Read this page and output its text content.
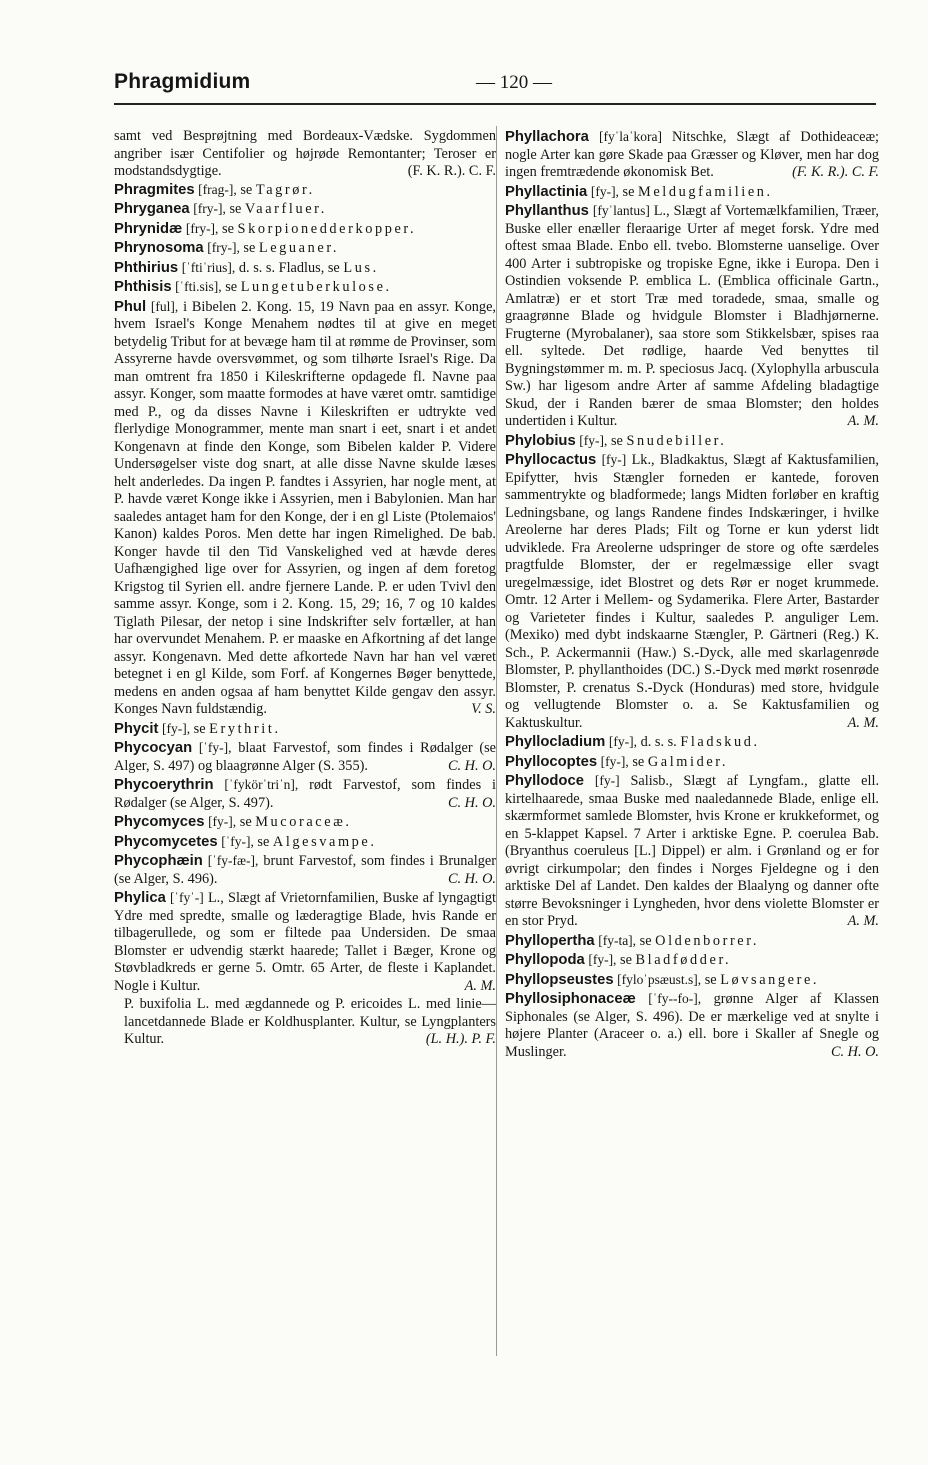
Phragmidium	— 120 —

samt ved Besprøjtning med Bordeaux-Vædske. Sygdommen angriber især Centifolier og højrøde Remontanter; Teroser er modstandsdygtige.	(F. K. R.). C. F.

Phragmites [frag-], se Tagrør.

Phryganea [fry-], se Vaarfluer.

Phrynidæ [fry-], se Skorpionedderkopper.

Phrynosoma [fry-], se Leguaner.

Phthirius [ˈftiˈrius], d. s. s. Fladlus, se Lus.

Phthisis [ˈfti.sis], se Lungetuberkulose.

Phul [ful], i Bibelen 2. Kong. 15, 19 Navn paa en assyr. Konge, hvem Israel's Konge Menahem nødtes til at give en meget betydelig Tribut for at bevæge ham til at rømme de Provinser, som Assyrerne havde oversvømmet, og som tilhørte Israel's Rige. Da man omtrent fra 1850 i Kileskrifterne opdagede fl. Navne paa assyr. Konger, som maatte formodes at have været omtr. samtidige med P., og da disses Navne i Kileskriften er udtrykte ved flerlydige Monogrammer, mente man snart i eet, snart i et andet Kongenavn at finde den Konge, som Bibelen kalder P. Videre Undersøgelser viste dog snart, at alle disse Navne skulde læses helt anderledes. Da ingen P. fandtes i Assyrien, har nogle ment, at P. havde været Konge ikke i Assyrien, men i Babylonien. Man har saaledes antaget ham for den Konge, der i en gl Liste (Ptolemaios' Kanon) kaldes Poros. Men dette har ingen Rimelighed. De bab. Konger havde til den Tid Vanskelighed ved at hævde deres Uafhængighed lige over for Assyrien, og ingen af dem foretog Krigstog til Syrien ell. andre fjernere Lande. P. er uden Tvivl den samme assyr. Konge, som i 2. Kong. 15, 29; 16, 7 og 10 kaldes Tiglath Pilesar, der netop i sine Indskrifter selv fortæller, at han har overvundet Menahem. P. er maaske en Afkortning af det lange assyr. Kongenavn. Med dette afkortede Navn har han vel været betegnet i en gl Kilde, som Forf. af Kongernes Bøger benyttede, medens en anden ogsaa af ham benyttet Kilde gengav den assyr. Konges Navn fuldstændig.	V. S.

Phycit [fy-], se Erythrit.

Phycocyan [ˈfy-], blaat Farvestof, som findes i Rødalger (se Alger, S. 497) og blaagrønne Alger (S. 355).	C. H. O.

Phycoerythrin [ˈfykörˈtriˈn], rødt Farvestof, som findes i Rødalger (se Alger, S. 497).	C. H. O.

Phycomyces [fy-], se Mucoraceæ.

Phycomycetes [ˈfy-], se Algesvampe.

Phycophæin [ˈfy-fæ-], brunt Farvestof, som findes i Brunalger (se Alger, S. 496).	C. H. O.

Phylica [ˈfyˈ-] L., Slægt af Vrietornfamilien, Buske af lyngagtigt Ydre med spredte, smalle og læderagtige Blade, hvis Rande er tilbagerullede, og som er filtede paa Undersiden. De smaa Blomster er udvendig stærkt haarede; Tallet i Bæger, Krone og Støvbladkreds er gerne 5. Omtr. 65 Arter, de fleste i Kaplandet. Nogle i Kultur.	A. M.

P. buxifolia L. med ægdannede og P. ericoides L. med linie—lancetdannede Blade er Koldhusplanter. Kultur, se Lyngplanters Kultur.	(L. H.). P. F.

Phyllachora [fyˈlaˈkora] Nitschke, Slægt af Dothideaceæ; nogle Arter kan gøre Skade paa Græsser og Kløver, men har dog ingen fremtrædende økonomisk Bet.	(F. K. R.). C. F.

Phyllactinia [fy-], se Meldugfamilien.

Phyllanthus [fyˈlantus] L., Slægt af Vortemælkfamilien, Træer, Buske eller enæller fleraarige Urter af meget forsk. Ydre med oftest smaa Blade. Enbo ell. tvebo. Blomsterne uanselige. Over 400 Arter i subtropiske og tropiske Egne, ikke i Europa. Den i Ostindien voksende P. emblica L. (Emblica officinale Gartn., Amlatræ) er et stort Træ med toradede, smaa, smalle og graagrønne Blade og hvidgule Blomster i Bladhjørnerne. Frugterne (Myrobalaner), saa store som Stikkelsbær, spises raa ell. syltede. Det rødlige, haarde Ved benyttes til Bygningstømmer m. m. P. speciosus Jacq. (Xylophylla arbuscula Sw.) har ligesom andre Arter af samme Afdeling bladagtige Skud, der i Randen bærer de smaa Blomster; den holdes undertiden i Kultur.	A. M.

Phylobius [fy-], se Snudebiller.

Phyllocactus [fy-] Lk., Bladkaktus, Slægt af Kaktusfamilien, Epifytter, hvis Stængler forneden er kantede, foroven sammentrykte og bladformede; langs Midten forløber en kraftig Ledningsbane, og langs Randene findes Indskæringer, i hvilke Areolerne har deres Plads; Filt og Torne er kun yderst lidt udviklede. Fra Areolerne udspringer de store og ofte særdeles pragtfulde Blomster, der er regelmæssige eller svagt uregelmæssige, idet Blostret og dets Rør er noget krummede. Omtr. 12 Arter i Mellem- og Sydamerika. Flere Arter, Bastarder og Varieteter findes i Kultur, saaledes P. anguliger Lem. (Mexiko) med dybt indskaarne Stængler, P. Gärtneri (Reg.) K. Sch., P. Ackermannii (Haw.) S.-Dyck, alle med skarlagenrøde Blomster, P. phyllanthoides (DC.) S.-Dyck med mørkt rosenrøde Blomster, P. crenatus S.-Dyck (Honduras) med store, hvidgule og vellugtende Blomster o. a. Se Kaktusfamilien og Kaktuskultur.	A. M.

Phyllocladium [fy-], d. s. s. Fladskud.

Phyllocoptes [fy-], se Galmider.

Phyllodoce [fy-] Salisb., Slægt af Lyngfam., glatte ell. kirtelhaarede, smaa Buske med naaledannede Blade, enlige ell. skærmformet samlede Blomster, hvis Krone er krukkeformet, og en 5-klappet Kapsel. 7 Arter i arktiske Egne. P. coerulea Bab. (Bryanthus coeruleus [L.] Dippel) er alm. i Grønland og er for øvrigt cirkumpolar; den findes i Norges Fjeldegne og i den arktiske Del af Landet. Den kaldes der Blaalyng og danner ofte større Bevoksninger i Lyngheden, hvor dens violette Blomster er en stor Pryd.	A. M.

Phyllopertha [fy-ta], se Oldenborrer.

Phyllopoda [fy-], se Bladfødder.

Phyllopseustes [fyloˈpsæust.s], se Løvsangere.

Phyllosiphonaceæ [ˈfy--fo-], grønne Alger af Klassen Siphonales (se Alger, S. 496). De er mærkelige ved at snylte i højere Planter (Araceer o. a.) ell. bore i Skaller af Snegle og Muslinger.	C. H. O.
